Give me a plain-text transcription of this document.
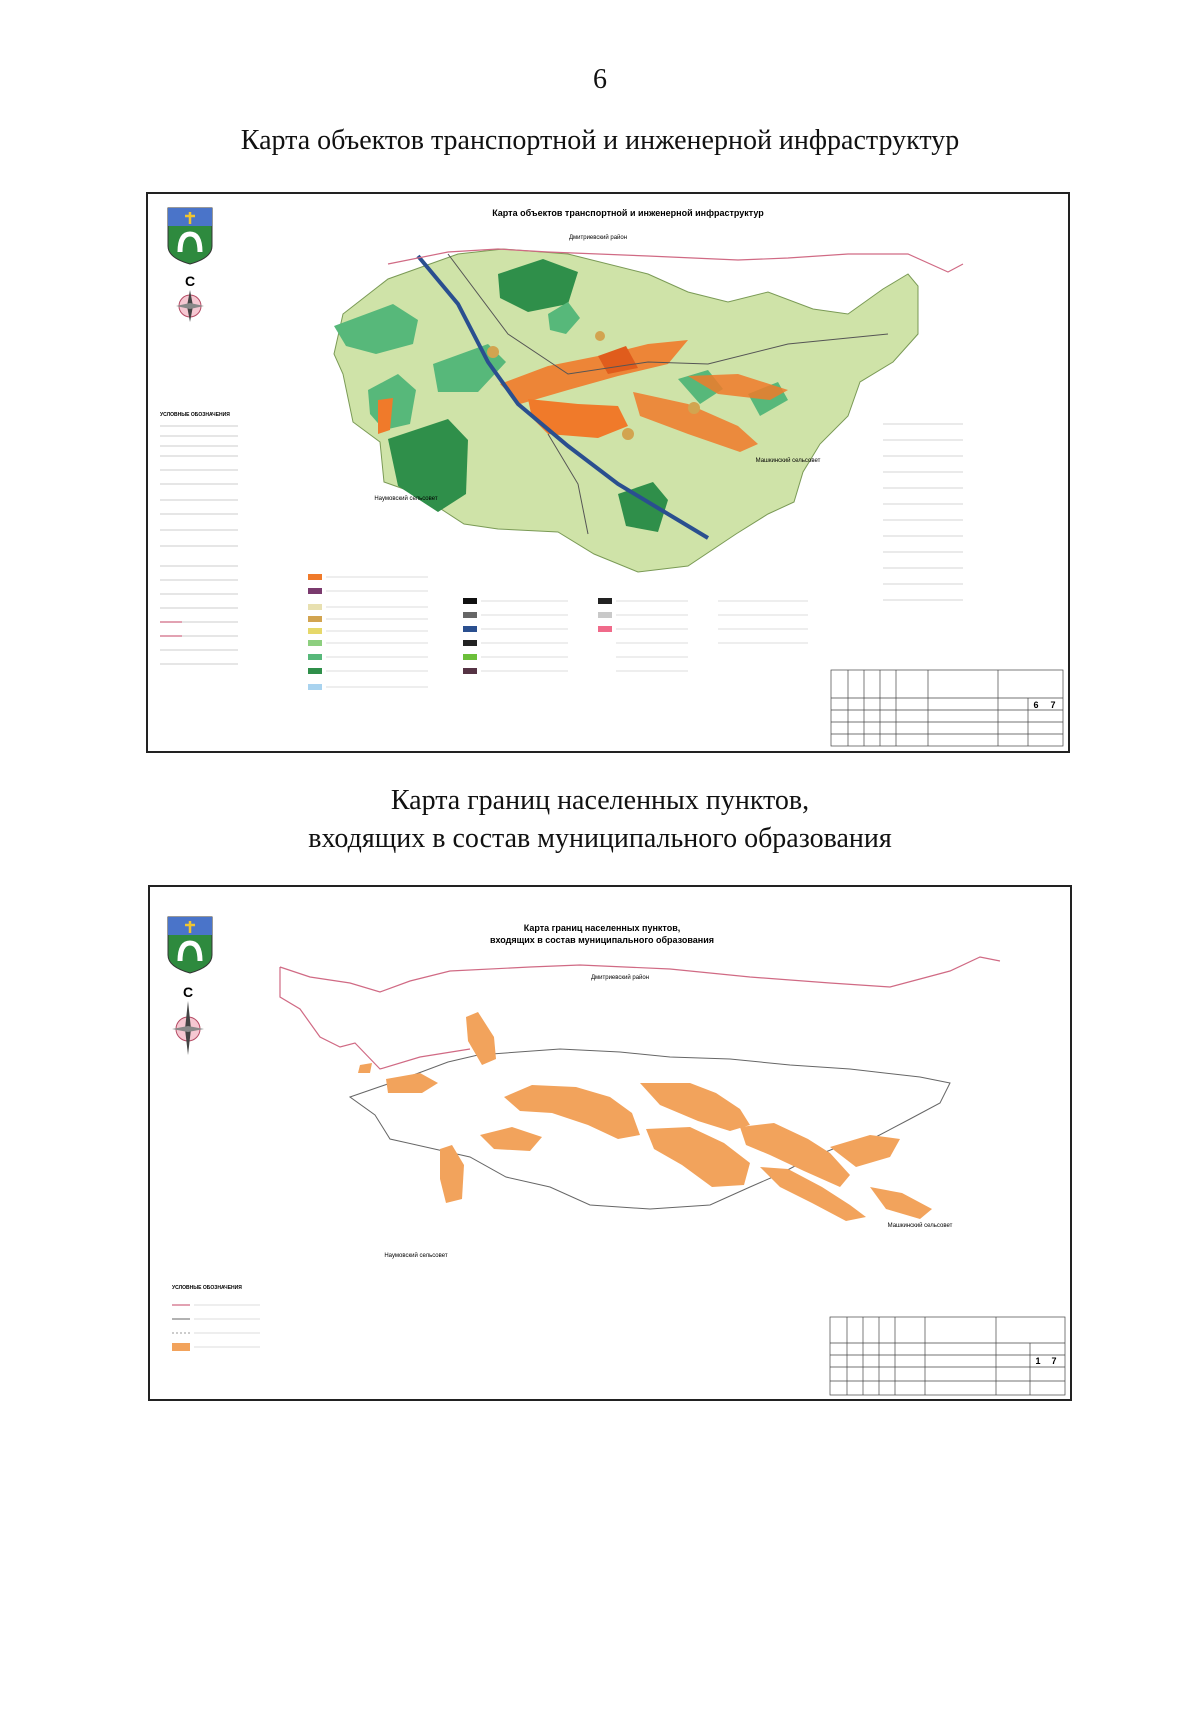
6
Карта объектов транспортной и инженерной инфраструктур
С
Карта объектов транспортной и инженерной инфраструктур
Дмитриевский район
Машкинский сельсовет
Наумовский сельсовет
УСЛОВНЫЕ ОБОЗНАЧЕНИЯ
6 7
Карта границ населенных пунктов,
входящих в состав муниципального образования
С
Карта границ населенных пунктов,
входящих в состав муниципального образования
Дмитриевский район
Машкинский сельсовет
Наумовский сельсовет
УСЛОВНЫЕ ОБОЗНАЧЕНИЯ
1 7
